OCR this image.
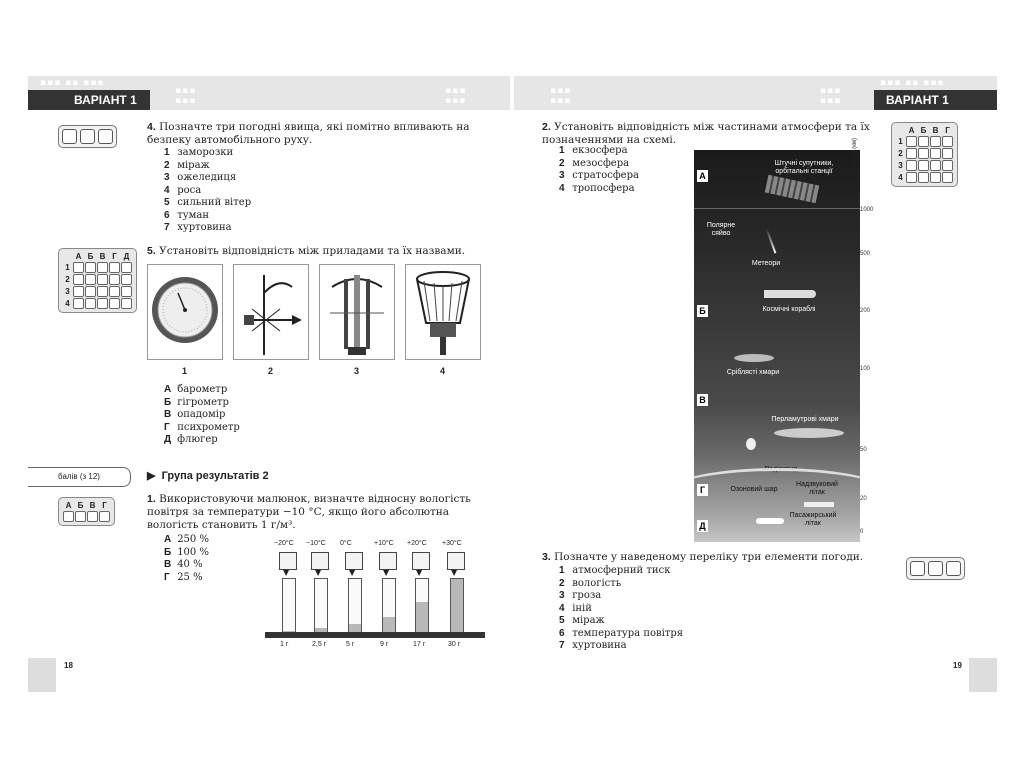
▪▪▪ ▪▪ ▪▪▪
▪▪▪
▪▪▪
▪▪▪
▪▪▪
▪▪▪
▪▪▪
▪▪▪
▪▪▪
▪▪▪ ▪▪ ▪▪▪
ВАРІАНТ 1	ВАРІАНТ 1
4. Позначте три погодні явища, які помітно впливають на безпеку автомобільного руху.
1 заморозки
2 міраж
3 ожеледиця
4 роса
5 сильний вітер
6 туман
7 хуртовина
	А	Б	В	Г	Д
1					
2					
3					
4					
5. Установіть відповідність між приладами та їх назвами.
1	2	3	4
А барометр
Б гігрометр
В опадомір
Г психрометр
Д флюгер
балів (з 12)	▶ Група результатів 2
А	Б	В	Г

1. Використовуючи малюнок, визначте відносну вологість повітря за температури −10 °С, якщо його абсолютна вологість становить 1 г/м³.
А 250 %
Б 100 %
В 40 %
Г 25 %
−20°С
▼
1 г
−10°С
▼
2,5 г
0°С
▼
5 г
+10°С
▼
9 г
+20°С
▼
17 г
+30°С
▼
30 г
18
2. Установіть відповідність між частинами атмосфери та їх позначеннями на схемі.
1 екзосфера
2 мезосфера
3 стратосфера
4 тропосфера
	А	Б	В	Г
1				
2				
3				
4				
А
Б
В
Г
Д
Штучні супутники, орбітальні станції
Полярне сяйво
Метеори
Космічні кораблі
Сріблясті хмари
Перламутрові хмари
Радіозонд
Озоновий шар
Надзвуковий літак
Пасажирський літак
Висота (км)
1000
500
200
100
50
20
0
3. Позначте у наведеному переліку три елементи погоди.
1 атмосферний тиск
2 вологість
3 гроза
4 іній
5 міраж
6 температура повітря
7 хуртовина
19
